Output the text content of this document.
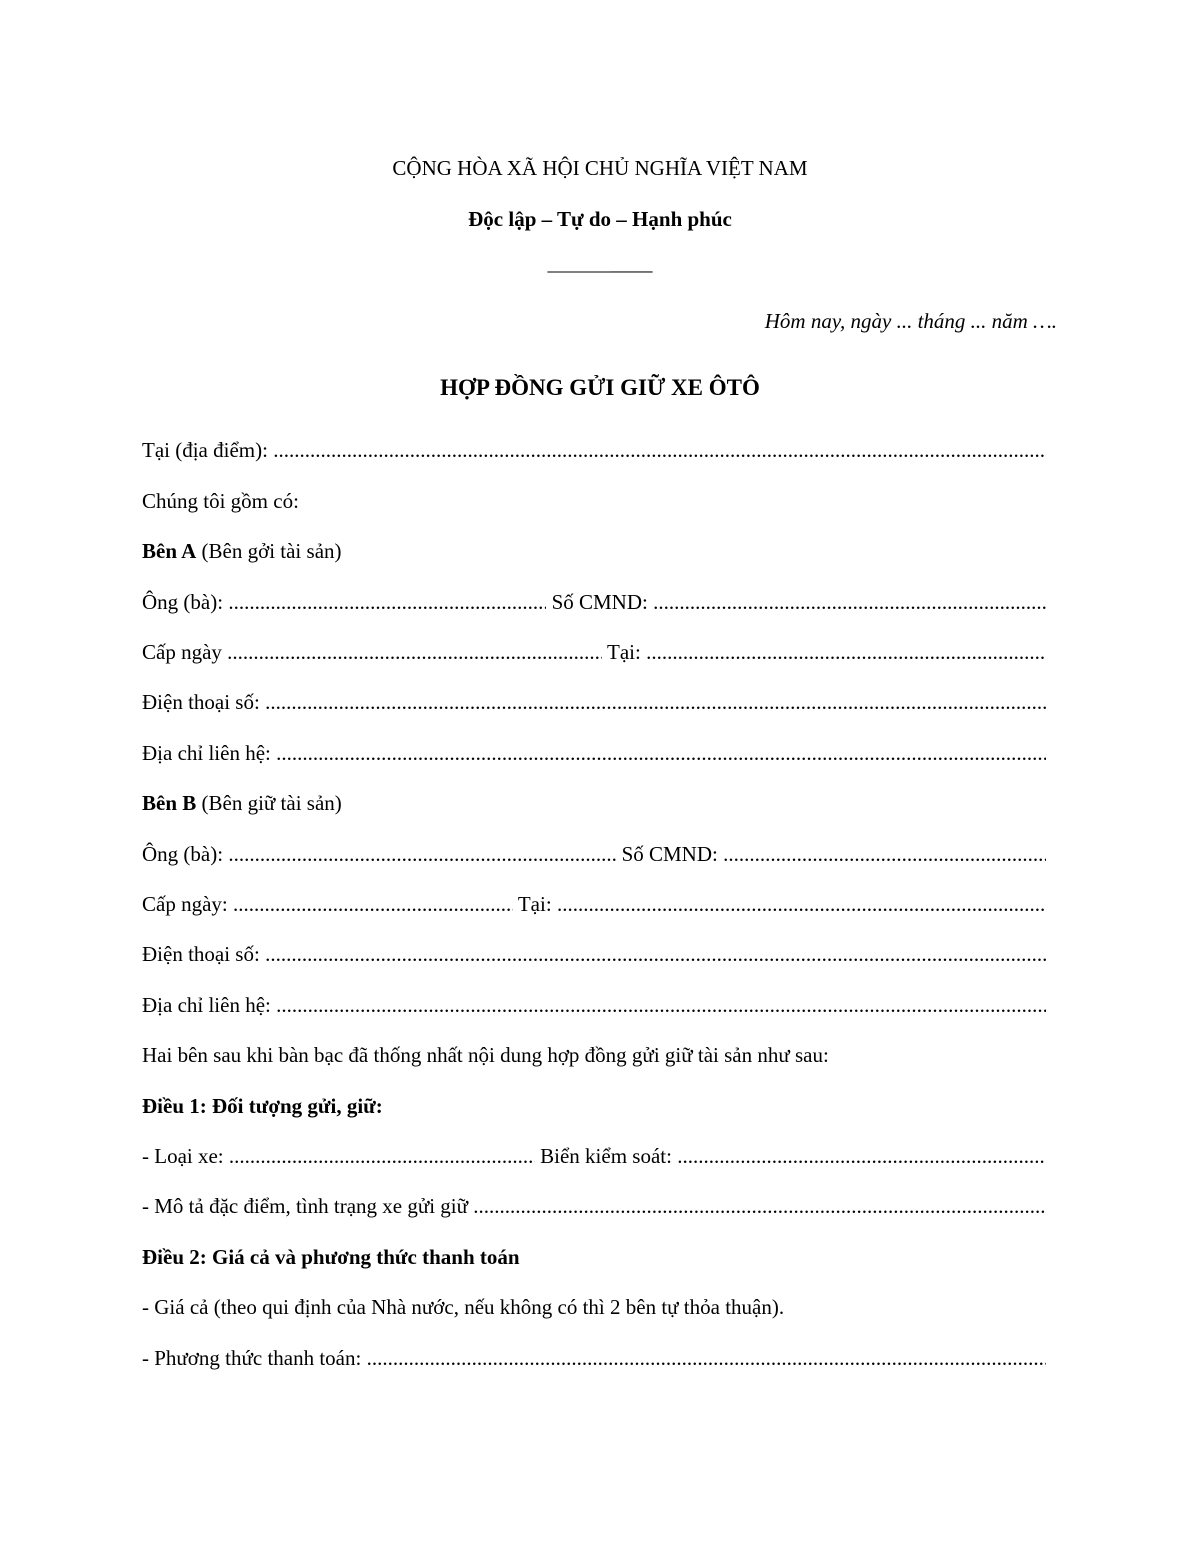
CỘNG HÒA XÃ HỘI CHỦ NGHĨA VIỆT NAM
Độc lập – Tự do – Hạnh phúc
———––––
Hôm nay, ngày ... tháng ... năm ….
HỢP ĐỒNG GỬI GIỮ XE ÔTÔ
Tại (địa điểm):
.....
Chúng tôi gồm có:
Bên A (Bên gởi tài sản)
Ông (bà): .....	Số CMND:
.....
Cấp ngày .....	Tại:
.....
Điện thoại số:
.....
Địa chỉ liên hệ:
.....
Bên B (Bên giữ tài sản)
Ông (bà): .....	Số CMND:
.....
Cấp ngày: .....	Tại:
.....
Điện thoại số:
.....
Địa chỉ liên hệ:
.....
Hai bên sau khi bàn bạc đã thống nhất nội dung hợp đồng gửi giữ tài sản như sau:
Điều 1: Đối tượng gửi, giữ:
- Loại xe: .....	Biển kiểm soát:
.....
- Mô tả đặc điểm, tình trạng xe gửi giữ
.....
Điều 2: Giá cả và phương thức thanh toán
- Giá cả (theo qui định của Nhà nước, nếu không có thì 2 bên tự thỏa thuận).
- Phương thức thanh toán:
.....
